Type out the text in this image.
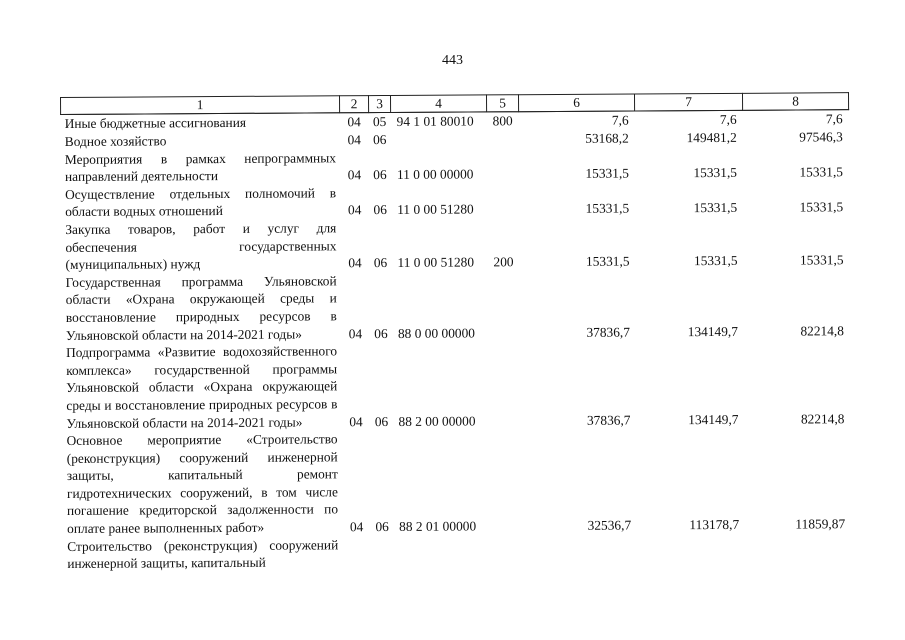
443
1	2	3	4	5	6	7	8
Иные бюджетные ассигнования	04	05	94 1 01 80010	800	7,6	7,6	7,6
Водное хозяйство	04	06			53168,2	149481,2	97546,3
Мероприятия в рамках непрограммных направлений деятельности	04	06	11 0 00 00000		15331,5	15331,5	15331,5
Осуществление отдельных полномочий в области водных отношений	04	06	11 0 00 51280		15331,5	15331,5	15331,5
Закупка товаров, работ и услуг для обеспечения государственных (муниципальных) нужд	04	06	11 0 00 51280	200	15331,5	15331,5	15331,5
Государственная программа Ульяновской области «Охрана окружающей среды и восстановление природных ресурсов в Ульяновской области на 2014-2021 годы»	04	06	88 0 00 00000		37836,7	134149,7	82214,8
Подпрограмма «Развитие водохозяйственного комплекса» государственной программы Ульяновской области «Охрана окружающей среды и восстановление природных ресурсов в Ульяновской области на 2014-2021 годы»	04	06	88 2 00 00000		37836,7	134149,7	82214,8
Основное мероприятие «Строительство (реконструкция) сооружений инженерной защиты, капитальный ремонт гидротехнических сооружений, в том числе погашение кредиторской задолженности по оплате ранее выполненных работ»	04	06	88 2 01 00000		32536,7	113178,7	11859,87
Строительство (реконструкция) сооружений инженерной защиты, капитальный							
